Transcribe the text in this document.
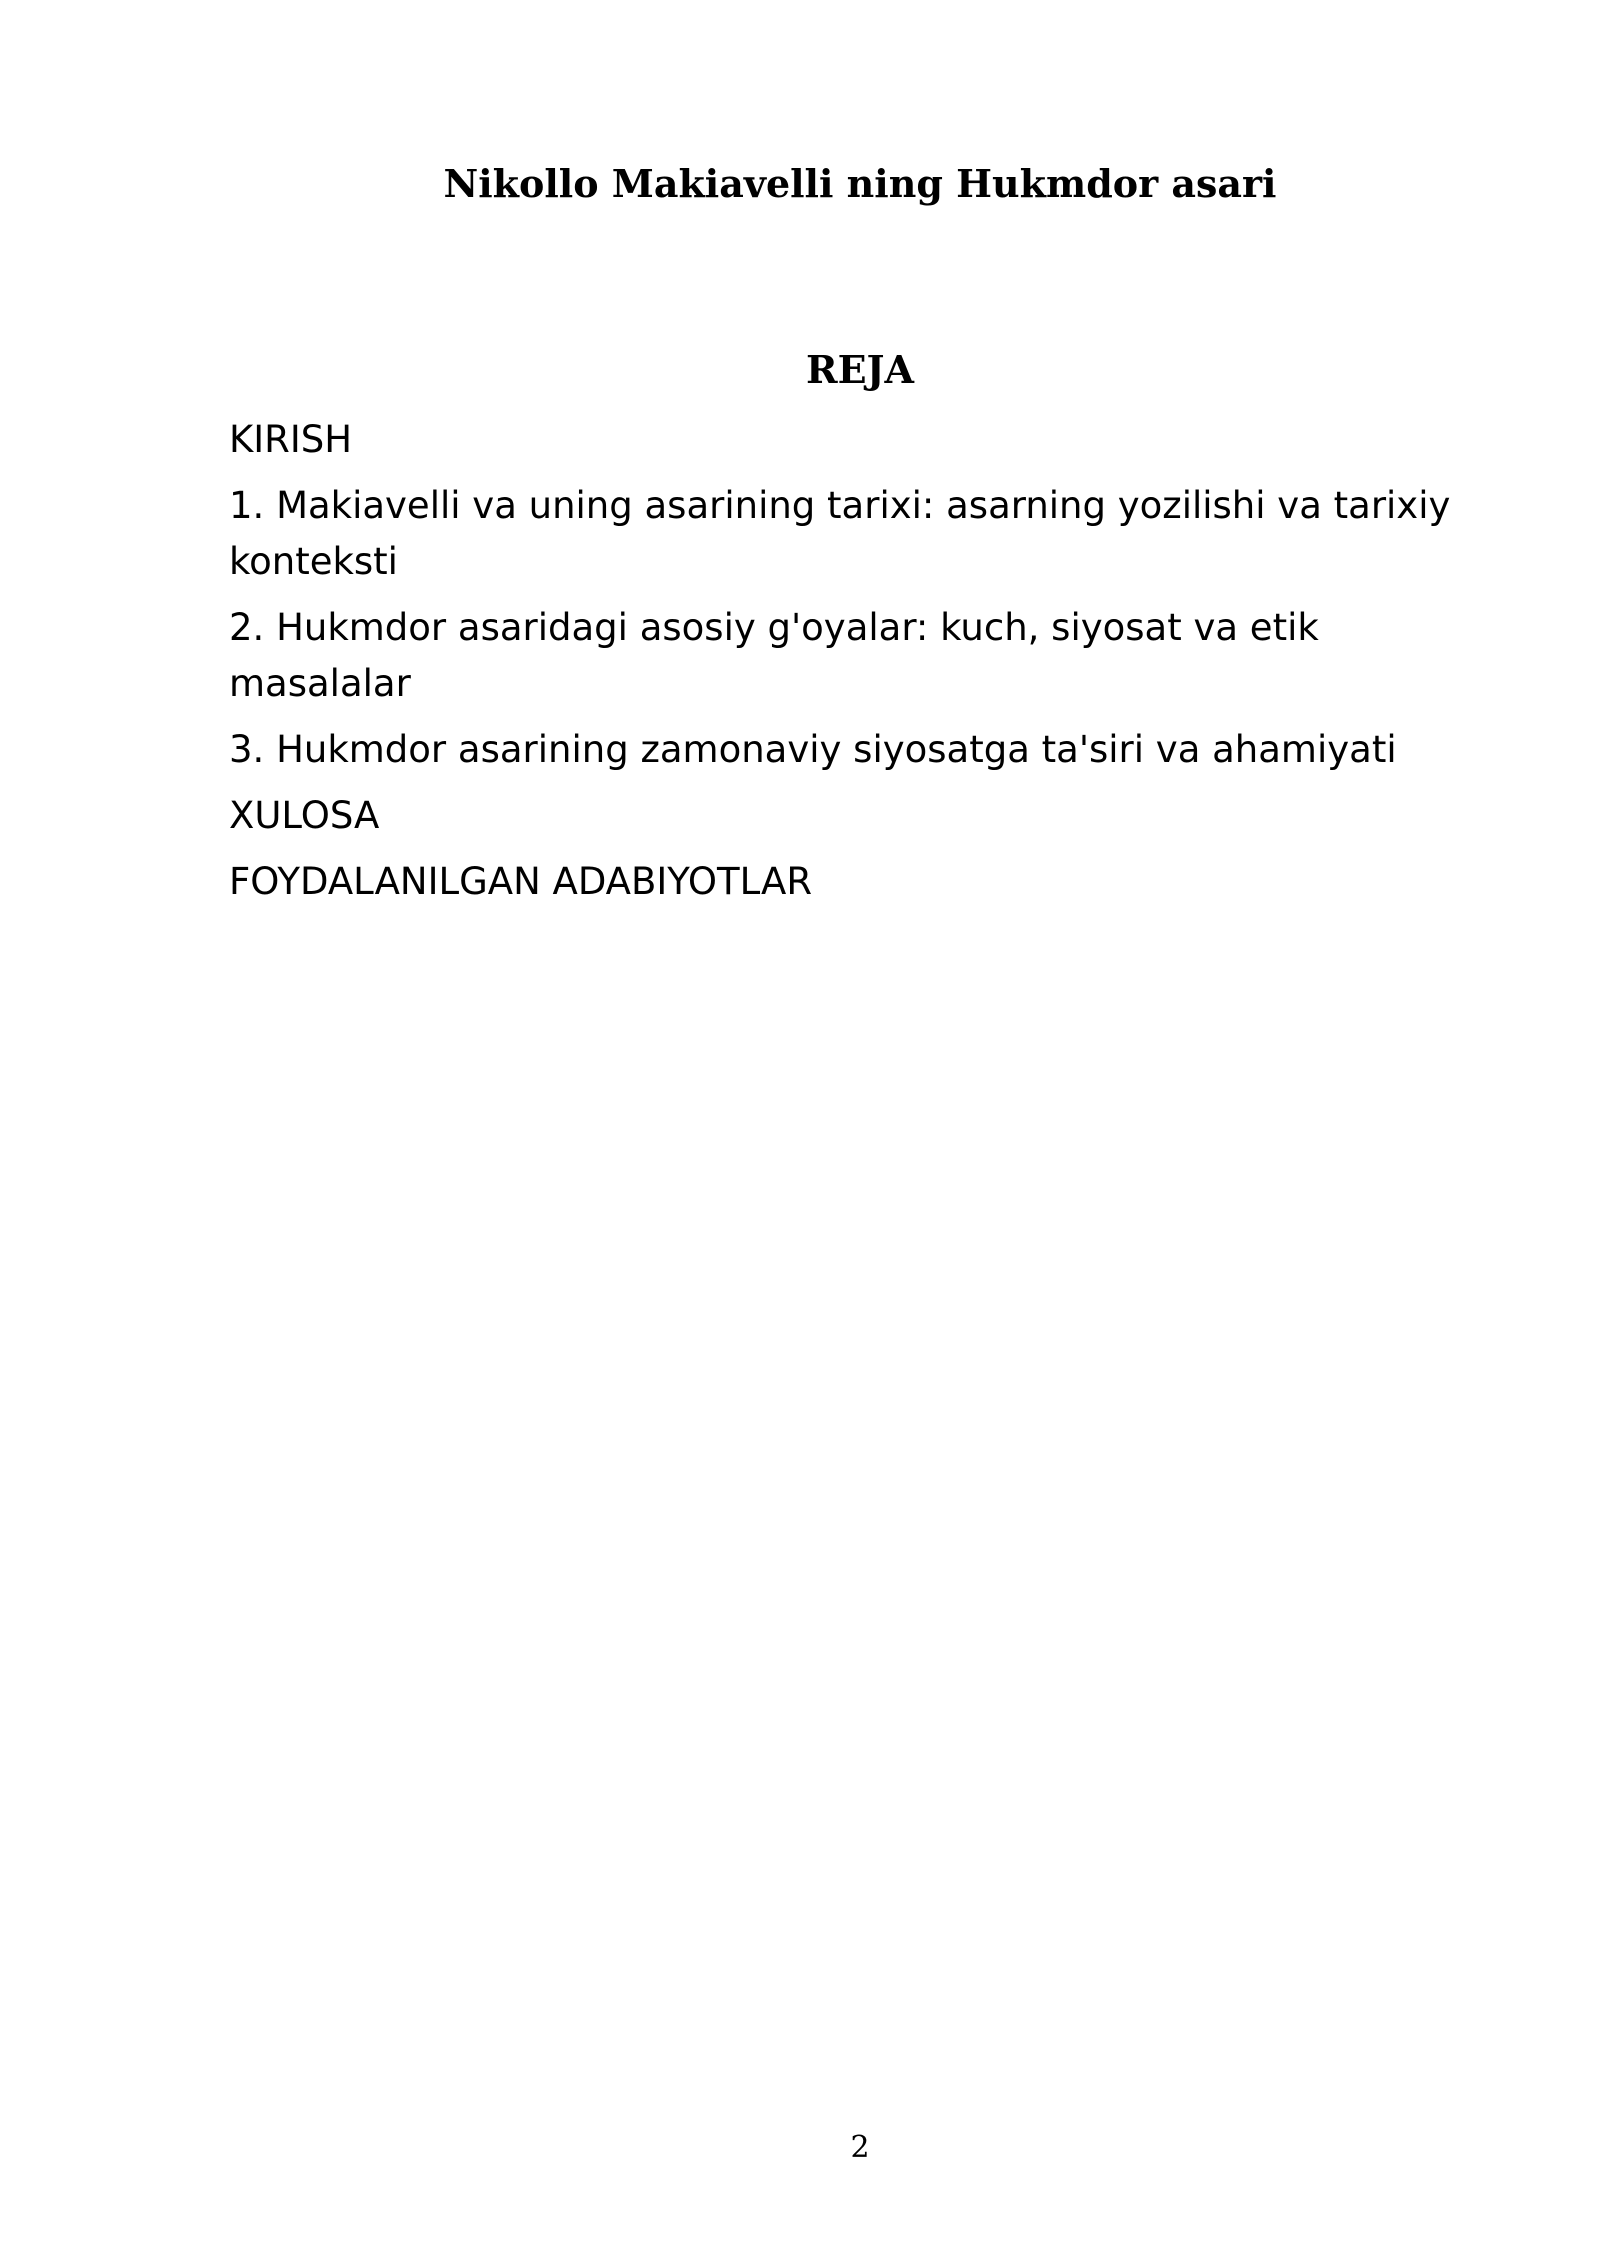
Nikollo Makiavelli ning Hukmdor asari
REJA
KIRISH
1. Makiavelli va uning asarining tarixi: asarning yozilishi va tarixiy konteksti
2. Hukmdor asaridagi asosiy g'oyalar: kuch, siyosat va etik masalalar
3. Hukmdor asarining zamonaviy siyosatga ta'siri va ahamiyati
XULOSA
FOYDALANILGAN ADABIYOTLAR
2
